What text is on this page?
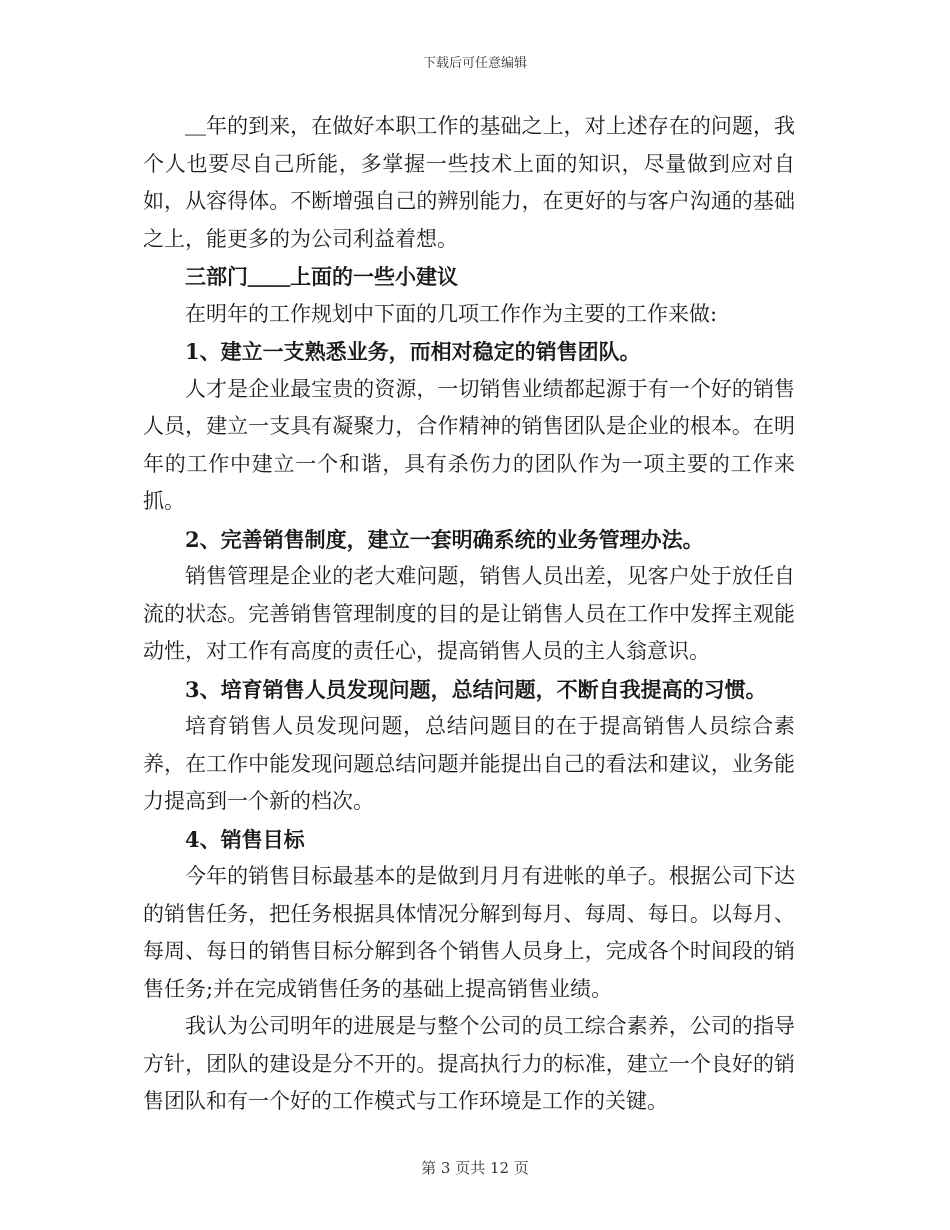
下载后可任意编辑

＿年的到来，在做好本职工作的基础之上，对上述存在的问题，我个人也要尽自己所能，多掌握一些技术上面的知识，尽量做到应对自如，从容得体。不断增强自己的辨别能力，在更好的与客户沟通的基础之上，能更多的为公司利益着想。

三部门＿＿上面的一些小建议

在明年的工作规划中下面的几项工作作为主要的工作来做:

1、建立一支熟悉业务，而相对稳定的销售团队。

人才是企业最宝贵的资源，一切销售业绩都起源于有一个好的销售人员，建立一支具有凝聚力，合作精神的销售团队是企业的根本。在明年的工作中建立一个和谐，具有杀伤力的团队作为一项主要的工作来抓。

2、完善销售制度，建立一套明确系统的业务管理办法。

销售管理是企业的老大难问题，销售人员出差，见客户处于放任自流的状态。完善销售管理制度的目的是让销售人员在工作中发挥主观能动性，对工作有高度的责任心，提高销售人员的主人翁意识。

3、培育销售人员发现问题，总结问题，不断自我提高的习惯。

培育销售人员发现问题，总结问题目的在于提高销售人员综合素养，在工作中能发现问题总结问题并能提出自己的看法和建议，业务能力提高到一个新的档次。

4、销售目标

今年的销售目标最基本的是做到月月有进帐的单子。根据公司下达的销售任务，把任务根据具体情况分解到每月、每周、每日。以每月、每周、每日的销售目标分解到各个销售人员身上，完成各个时间段的销售任务;并在完成销售任务的基础上提高销售业绩。

我认为公司明年的进展是与整个公司的员工综合素养，公司的指导方针，团队的建设是分不开的。提高执行力的标准，建立一个良好的销售团队和有一个好的工作模式与工作环境是工作的关键。

第 3 页共 12 页
